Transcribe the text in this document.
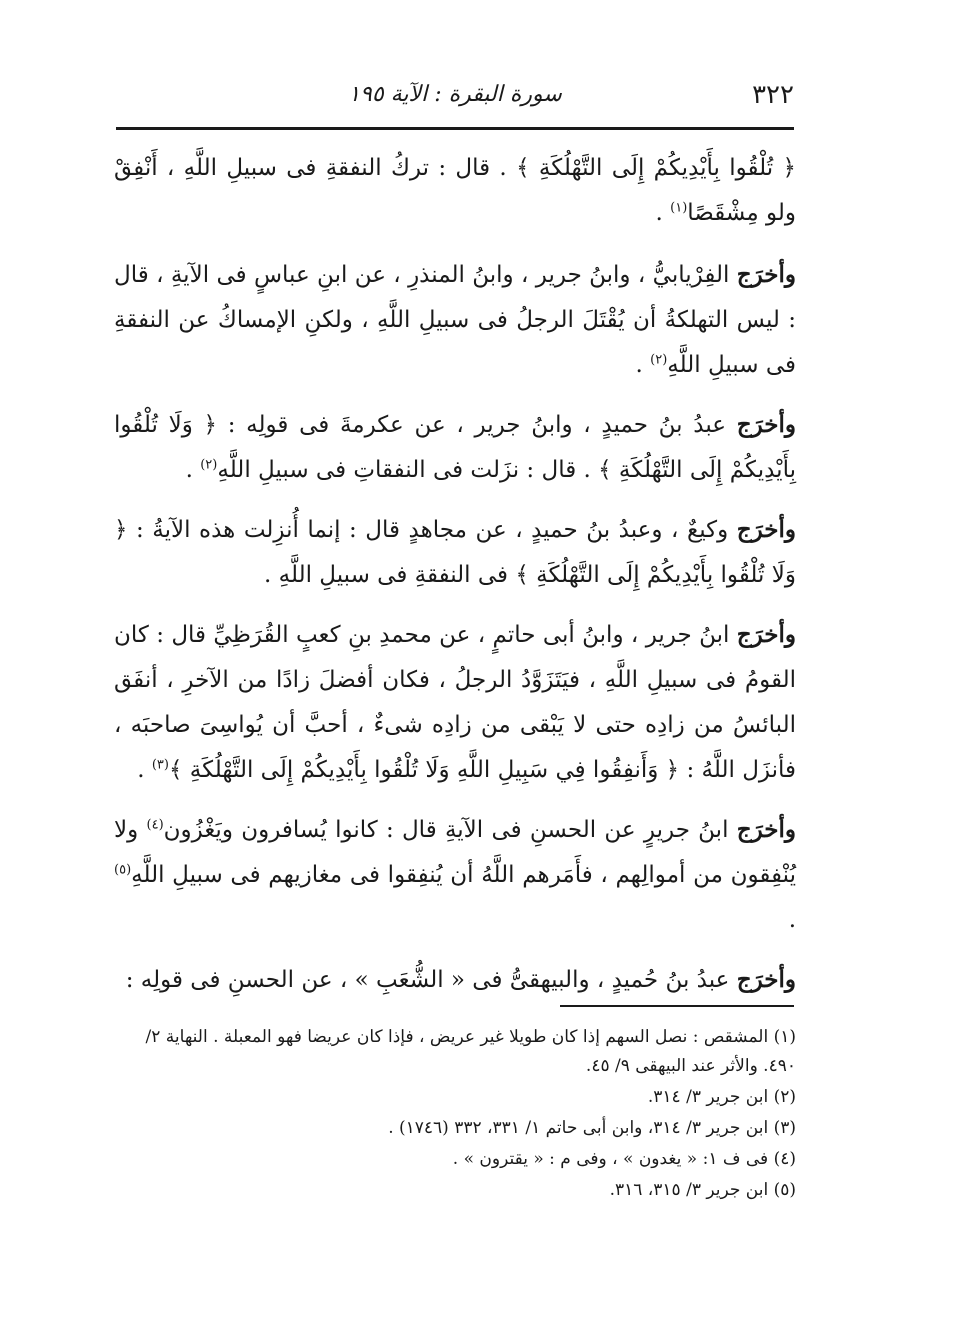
٣٢٢
سورة البقرة : الآية ١٩٥

﴿ تُلْقُوا بِأَيْدِيكُمْ إِلَى التَّهْلُكَةِ ﴾ . قال : تركُ النفقةِ فى سبيلِ اللَّهِ ، أَنْفِقْ ولو مِشْقَصًا$^{(١)}$ .

وأخرَج الفِرْيابيُّ ، وابنُ جرير ، وابنُ المنذرِ ، عن ابنِ عباسٍ فى الآيةِ ، قال : ليس التهلكةُ أن يُقْتَلَ الرجلُ فى سبيلِ اللَّهِ ، ولكنِ الإمساكُ عن النفقةِ فى سبيلِ اللَّهِ$^{(٢)}$ .

وأخرَج عبدُ بنُ حميدٍ ، وابنُ جرير ، عن عكرمةَ فى قولِه : ﴿ وَلَا تُلْقُوا بِأَيْدِيكُمْ إِلَى التَّهْلُكَةِ ﴾ . قال : نزَلت فى النفقاتِ فى سبيلِ اللَّهِ$^{(٢)}$ .

وأخرَج وكيعٌ ، وعبدُ بنُ حميدٍ ، عن مجاهدٍ قال : إنما أُنزِلت هذه الآيةُ : ﴿ وَلَا تُلْقُوا بِأَيْدِيكُمْ إِلَى التَّهْلُكَةِ ﴾ فى النفقةِ فى سبيلِ اللَّهِ .

وأخرَج ابنُ جرير ، وابنُ أبى حاتمٍ ، عن محمدِ بنِ كعبٍ القُرَظِيِّ قال : كان القومُ فى سبيلِ اللَّهِ ، فيَتَزَوَّدُ الرجلُ ، فكان أفضلَ زادًا من الآخرِ ، أنفَق البائسُ من زادِه حتى لا يَبْقى من زادِه شىءٌ ، أحبَّ أن يُواسِىَ صاحبَه ، فأنزَل اللَّهُ : ﴿ وَأَنفِقُوا فِي سَبِيلِ اللَّهِ وَلَا تُلْقُوا بِأَيْدِيكُمْ إِلَى التَّهْلُكَةِ ﴾$^{(٣)}$ .

وأخرَج ابنُ جريرٍ عن الحسنِ فى الآيةِ قال : كانوا يُسافرون ويَغْزُون$^{(٤)}$ ولا يُنْفِقون من أموالِهم ، فأَمَرهم اللَّهُ أن يُنفِقوا فى مغازيهم فى سبيلِ اللَّهِ$^{(٥)}$ .

وأخرَج عبدُ بنُ حُميدٍ ، والبيهقىُّ فى « الشُّعَبِ » ، عن الحسنِ فى قولِه :

(١) المشقص : نصل السهم إذا كان طويلا غير عريض ، فإذا كان عريضا فهو المعبلة . النهاية ٢/ ٤٩٠. والأثر عند البيهقى ٩/ ٤٥.

(٢) ابن جرير ٣/ ٣١٤.

(٣) ابن جرير ٣/ ٣١٤، وابن أبى حاتم ١/ ٣٣١، ٣٣٢ (١٧٤٦) .

(٤) فى ف ١: « يغدون » ، وفى م : « يقترون » .

(٥) ابن جرير ٣/ ٣١٥، ٣١٦.
